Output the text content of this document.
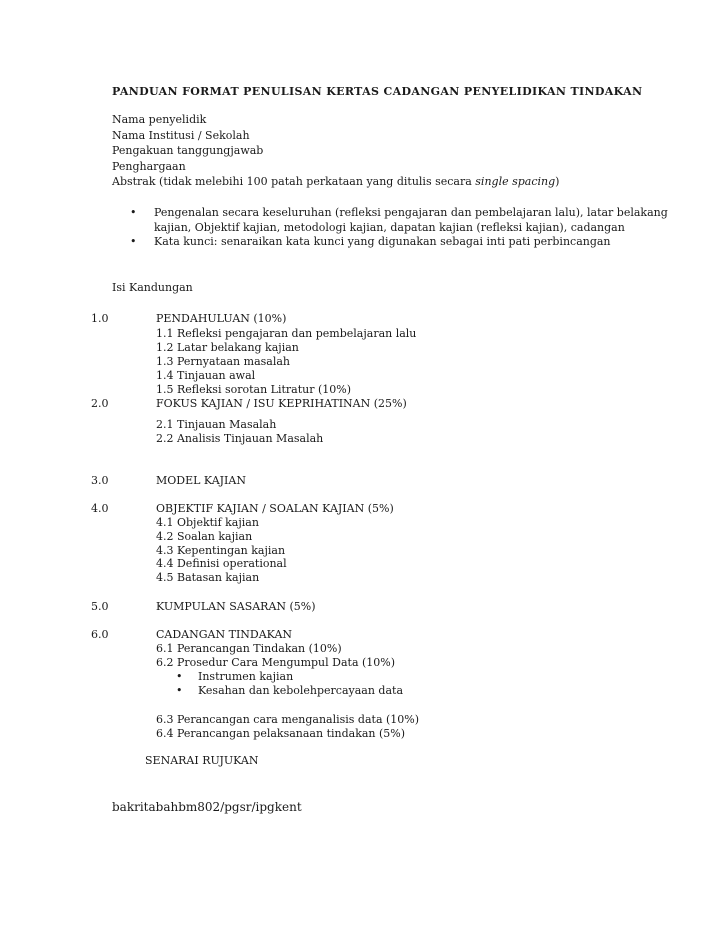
PANDUAN FORMAT PENULISAN KERTAS CADANGAN PENYELIDIKAN TINDAKAN
Nama penyelidik
Nama Institusi / Sekolah
Pengakuan tanggungjawab
Penghargaan
Abstrak (tidak melebihi 100 patah perkataan yang ditulis secara single spacing)
• Pengenalan secara keseluruhan (refleksi pengajaran dan pembelajaran lalu), latar belakang
kajian, Objektif kajian, metodologi kajian, dapatan kajian (refleksi kajian), cadangan
• Kata kunci: senaraikan kata kunci yang digunakan sebagai inti pati perbincangan
Isi Kandungan
1.0	PENDAHULUAN (10%)
1.1 Refleksi pengajaran dan pembelajaran lalu
1.2 Latar belakang kajian
1.3 Pernyataan masalah
1.4 Tinjauan awal
1.5 Refleksi sorotan Litratur (10%)
2.0	FOKUS KAJIAN / ISU KEPRIHATINAN (25%)
2.1 Tinjauan Masalah
2.2 Analisis Tinjauan Masalah
3.0	MODEL KAJIAN
4.0	OBJEKTIF KAJIAN / SOALAN KAJIAN (5%)
4.1 Objektif kajian
4.2 Soalan kajian
4.3 Kepentingan kajian
4.4 Definisi operational
4.5 Batasan kajian
5.0	KUMPULAN SASARAN (5%)
6.0	CADANGAN TINDAKAN
6.1 Perancangan Tindakan (10%)
6.2 Prosedur Cara Mengumpul Data (10%)
• Instrumen kajian
• Kesahan dan kebolehpercayaan data
6.3 Perancangan cara menganalisis data (10%)
6.4 Perancangan pelaksanaan tindakan (5%)
SENARAI RUJUKAN
bakritabahbm802/pgsr/ipgkent
